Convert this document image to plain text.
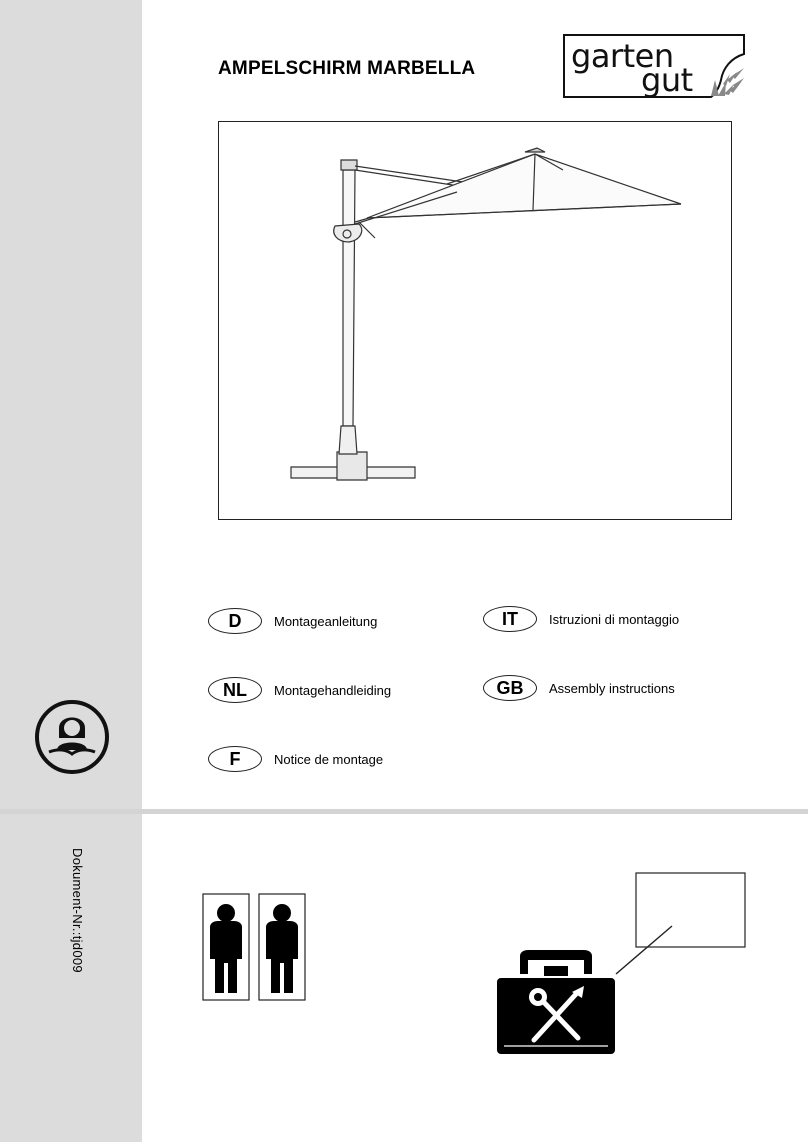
AMPELSCHIRM MARBELLA	garten
gut
D	Montageanleitung	IT	Istruzioni di montaggio
NL	Montagehandleiding	GB	Assembly instructions
F	Notice de montage
Dokument-Nr.:tjd009
